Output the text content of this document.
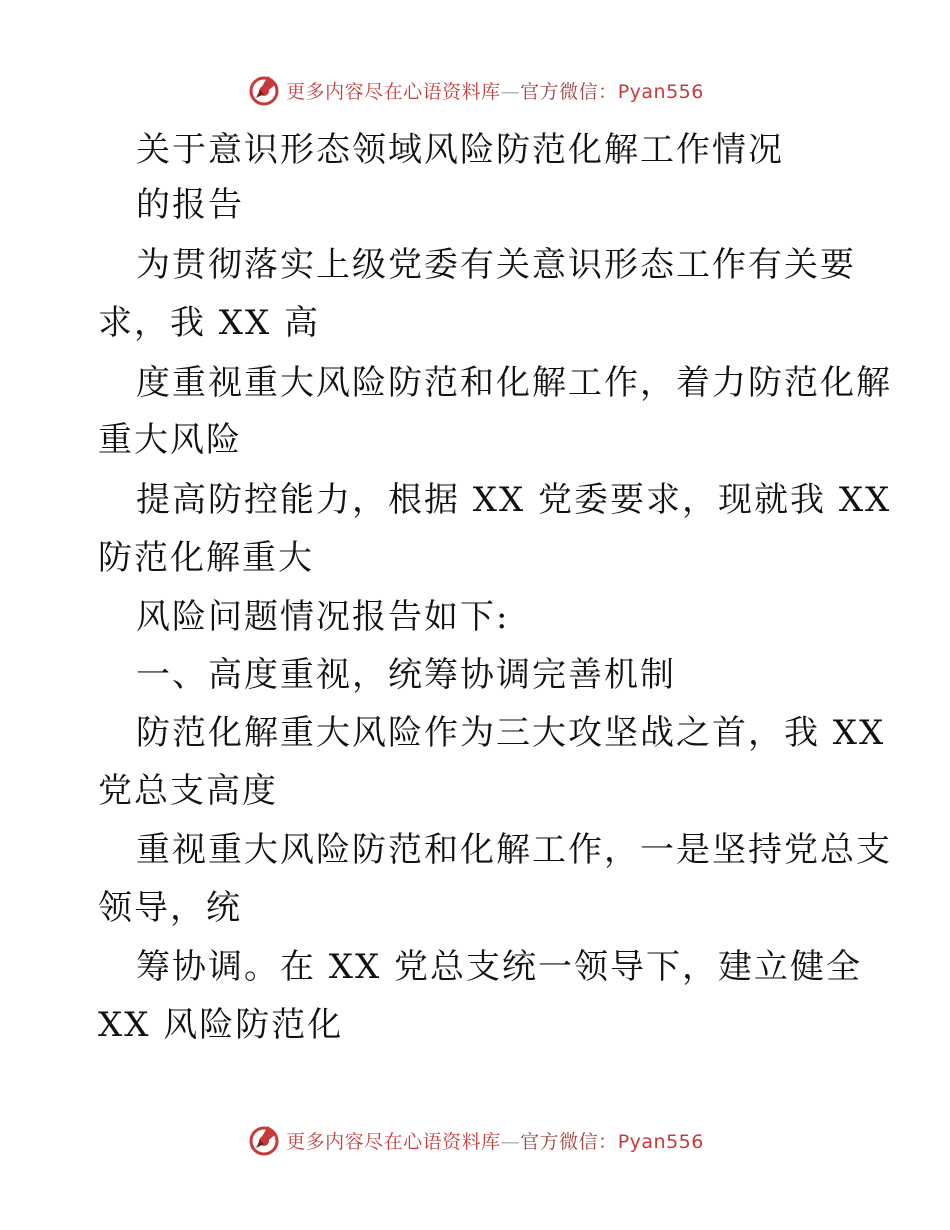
更多内容尽在心语资料库—官方微信：Pyan556
关于意识形态领域风险防范化解工作情况
的报告
为贯彻落实上级党委有关意识形态工作有关要
求，我 XX 高
度重视重大风险防范和化解工作，着力防范化解
重大风险
提高防控能力，根据 XX 党委要求，现就我 XX
防范化解重大
风险问题情况报告如下:
一、高度重视，统筹协调完善机制
防范化解重大风险作为三大攻坚战之首，我 XX
党总支高度
重视重大风险防范和化解工作，一是坚持党总支
领导，统
筹协调。在 XX 党总支统一领导下，建立健全
XX 风险防范化
更多内容尽在心语资料库—官方微信：Pyan556
